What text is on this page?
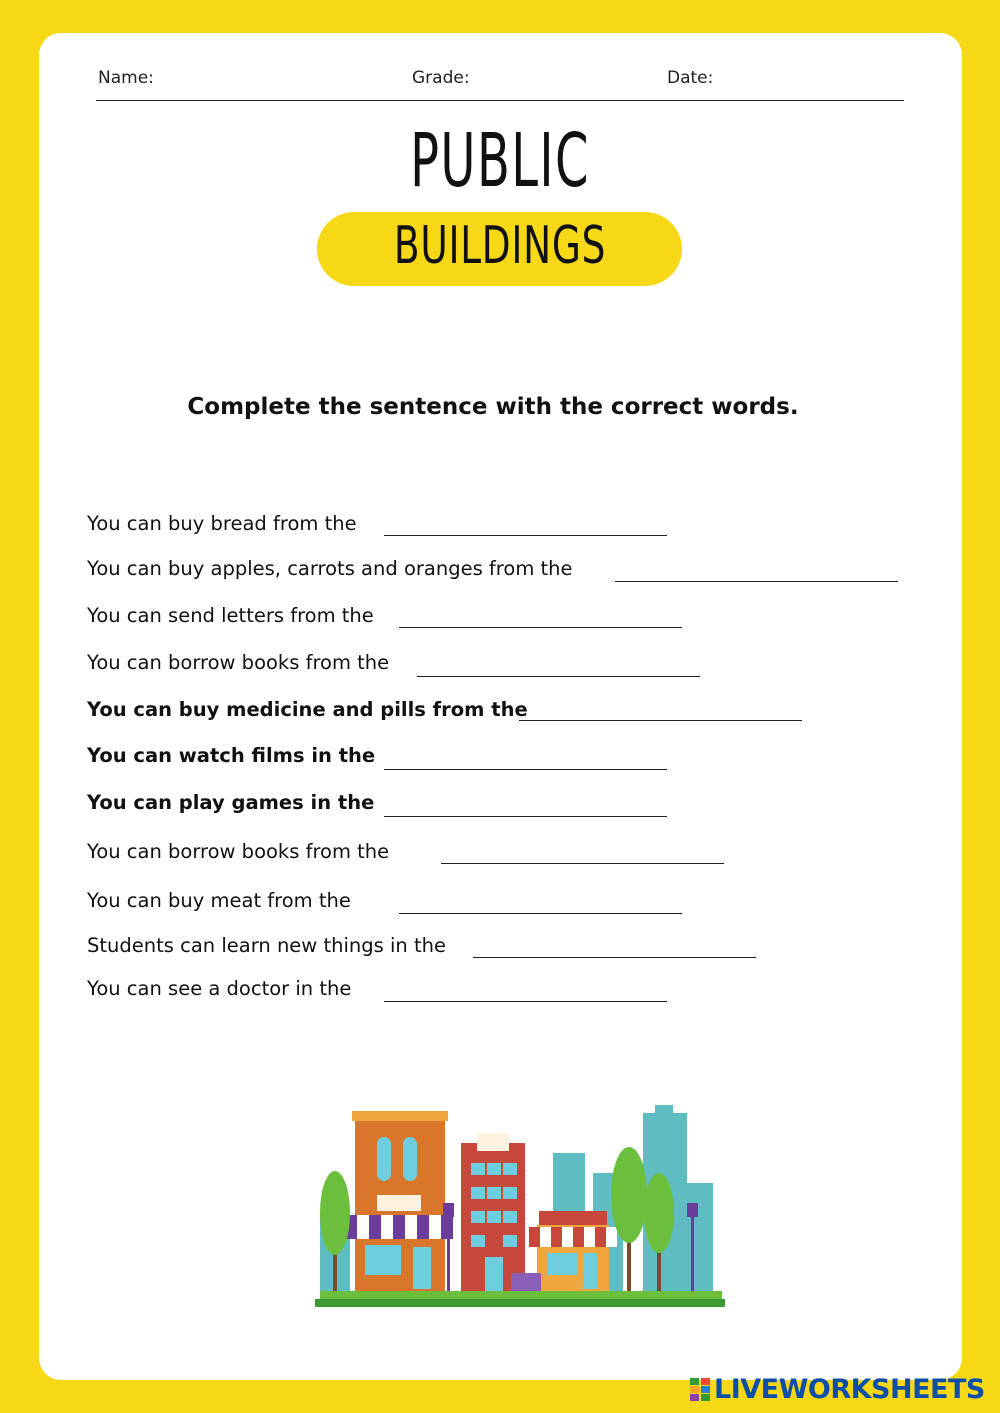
Name:	Grade:	Date:
PUBLIC
BUILDINGS
Complete the sentence with the correct words.
You can buy bread from the
You can buy apples, carrots and oranges from the
You can send letters from the
You can borrow books from the
You can buy medicine and pills from the
You can watch films in the
You can play games in the
You can borrow books from the
You can buy meat from the
Students can learn new things in the
You can see a doctor in the
LIVEWORKSHEETS
